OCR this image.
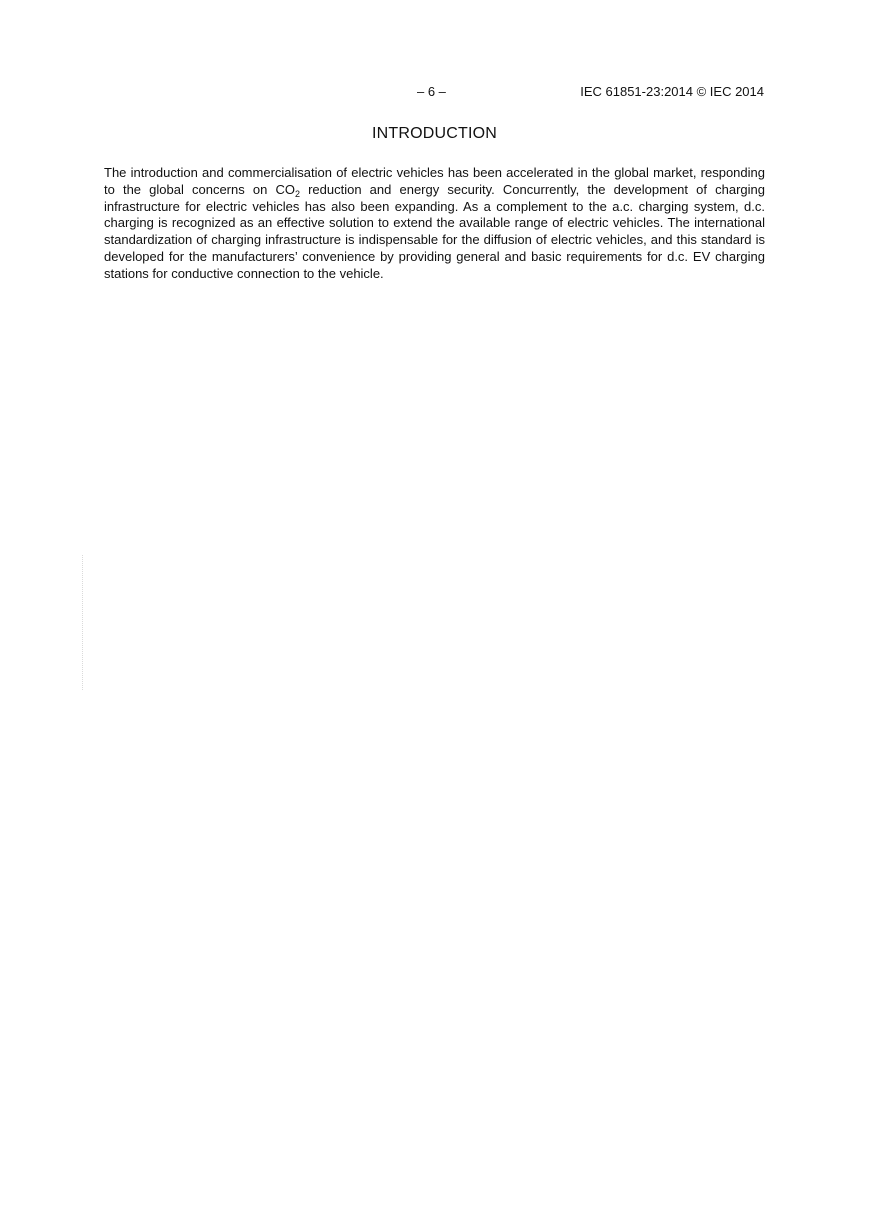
– 6 –	IEC 61851-23:2014 © IEC 2014
INTRODUCTION

The introduction and commercialisation of electric vehicles has been accelerated in the global market, responding to the global concerns on $CO_2$ reduction and energy security. Concurrently, the development of charging infrastructure for electric vehicles has also been expanding. As a complement to the a.c. charging system, d.c. charging is recognized as an effective solution to extend the available range of electric vehicles. The international standardization of charging infrastructure is indispensable for the diffusion of electric vehicles, and this standard is developed for the manufacturers’ convenience by providing general and basic requirements for d.c. EV charging stations for conductive connection to the vehicle.
